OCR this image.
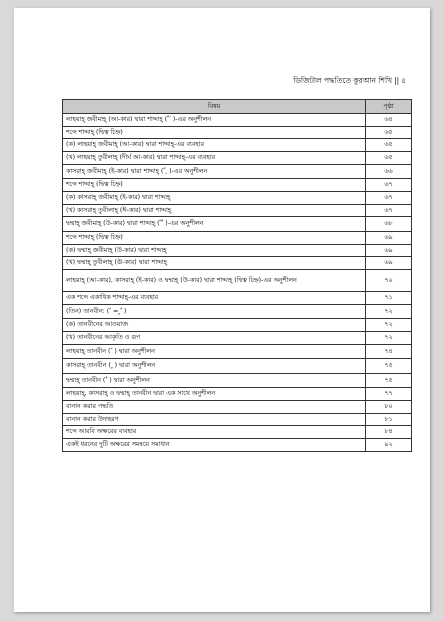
ডিজিটাল পদ্ধতিতে কুরআন শিখি || ৫
বিষয়	পৃষ্ঠা
লাহয়াহ্ জবীমাহ্ (আ-কার) দ্বারা শাদ্দাহ্ ( ّ َ )-এর অনুশীলন	৬৪
শব্দে শাদ্দাহ্ (দ্বিত্ব চিহ্ন)	৬৫
(ক) লাহয়াহ্ জবীমাহ্ (আ-কার) দ্বারা শাদ্দাহ্-এর ব্যবহার	৬৫
(খ) লাহয়াহ্ তুবীলাহ্ (দীর্ঘ আ-কার) দ্বারা শাদ্দাহ্-এর ব্যবহার	৬৫
কাসরাহ্ জবীমাহ্ (ই-কার) দ্বারা শাদ্দাহ্ ( ّ ِ )-এর অনুশীলন	৬৬
শব্দে শাদ্দাহ্ (দ্বিত্ব চিহ্ন)	৬৭
(ক) কাসরাহ্ জবীমাহ্ (ই-কার) দ্বারা শাদ্দাহ্	৬৭
(খ) কাসরাহ্ তুবীলাহ্ (ঈ-কার) দ্বারা শাদ্দাহ্	৬৭
দ্বম্মাহ্ জবীমাহ্ (উ-কার) দ্বারা শাদ্দাহ্ ( ّ ُ )-এর অনুশীলন	৬৮
শব্দে শাদ্দাহ্ (দ্বিত্ব চিহ্ন)	৬৯
(ক) দ্বম্মাহ্ জবীমাহ্ (উ-কার) দ্বারা শাদ্দাহ্	৬৯
(খ) দ্বম্মাহ্ তুবীলাহ্ (ঊ-কার) দ্বারা শাদ্দাহ্	৬৯
লাহয়াহ্ (আ-কার), কাসরাহ্ (ই-কার) ও দ্বম্মাহ্ (উ-কার) দ্বারা শাদ্দাহ্ (দ্বিত্ব চিহ্ন)-এর অনুশীলন	৭০
এক শব্দে একাধিক শাদ্দাহ্-এর ব্যবহার	৭১
(তিন) তানবীন: ( ً = ٍ ٌ )	৭২
(ক) তানবীনের আওয়াজ	৭২
(খ) তানবীনের আকৃতি ও রূপ	৭২
লাহয়াহ্ তানবীন ( ً ) দ্বারা অনুশীলন	৭৪
কাসরাহ্ তানবীন ( ٍ ) দ্বারা অনুশীলন	৭৫
দ্বম্মাহ্ তানবীন ( ٌ ) দ্বারা অনুশীলন	৭৫
লাহয়াহ্, কাসরাহ্ ও দ্বম্মাহ্ তানবীন দ্বারা এক সাথে অনুশীলন	৭৭
বানান করার পদ্ধতি	৮০
বানান করার উদাহরণ	৮১
শব্দে আরবি অক্ষরের ব্যবহার	৮৪
একই ধরনের দুটি অক্ষরের সমন্বয়ে সমাধান	৯২
